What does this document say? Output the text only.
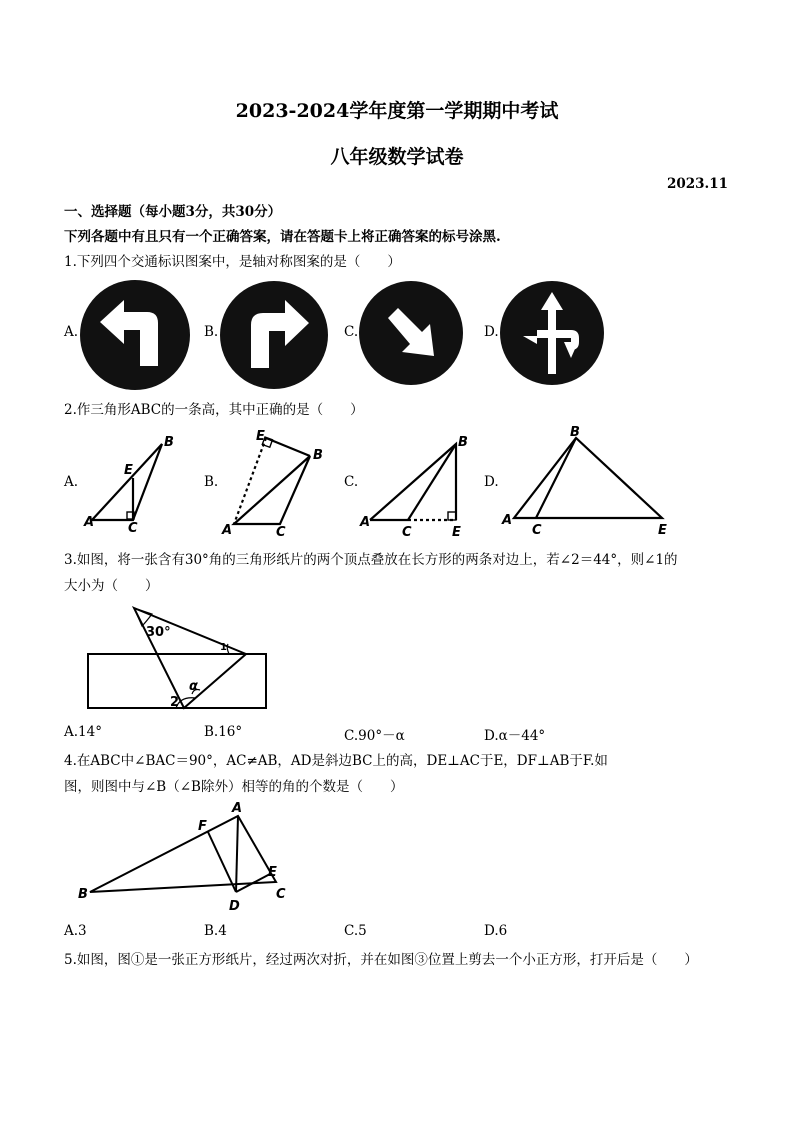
2023-2024学年度第一学期期中考试
八年级数学试卷
2023.11
一、选择题（每小题3分，共30分）
下列各题中有且只有一个正确答案，请在答题卡上将正确答案的标号涂黑.
1.下列四个交通标识图案中，是轴对称图案的是（　　）
A.	B.	C.	D.
2.作三角形ABC的一条高，其中正确的是（　　）
A.	B.	C.	D.
A
B
C
E
A
B
C
E
A
B
C	E
A
B
C	E
3.如图，将一张含有30°角的三角形纸片的两个顶点叠放在长方形的两条对边上，若∠2＝44°，则∠1的
大小为（　　）
30°
α
2
1
A.14°	B.16°	C.90°－α	D.α－44°
4.在ABC中∠BAC＝90°，AC≠AB，AD是斜边BC上的高，DE⊥AC于E，DF⊥AB于F.如
图，则图中与∠B（∠B除外）相等的角的个数是（　　）
B
A
F
D
E
C
A.3	B.4	C.5	D.6
5.如图，图①是一张正方形纸片，经过两次对折，并在如图③位置上剪去一个小正方形，打开后是（　　）
